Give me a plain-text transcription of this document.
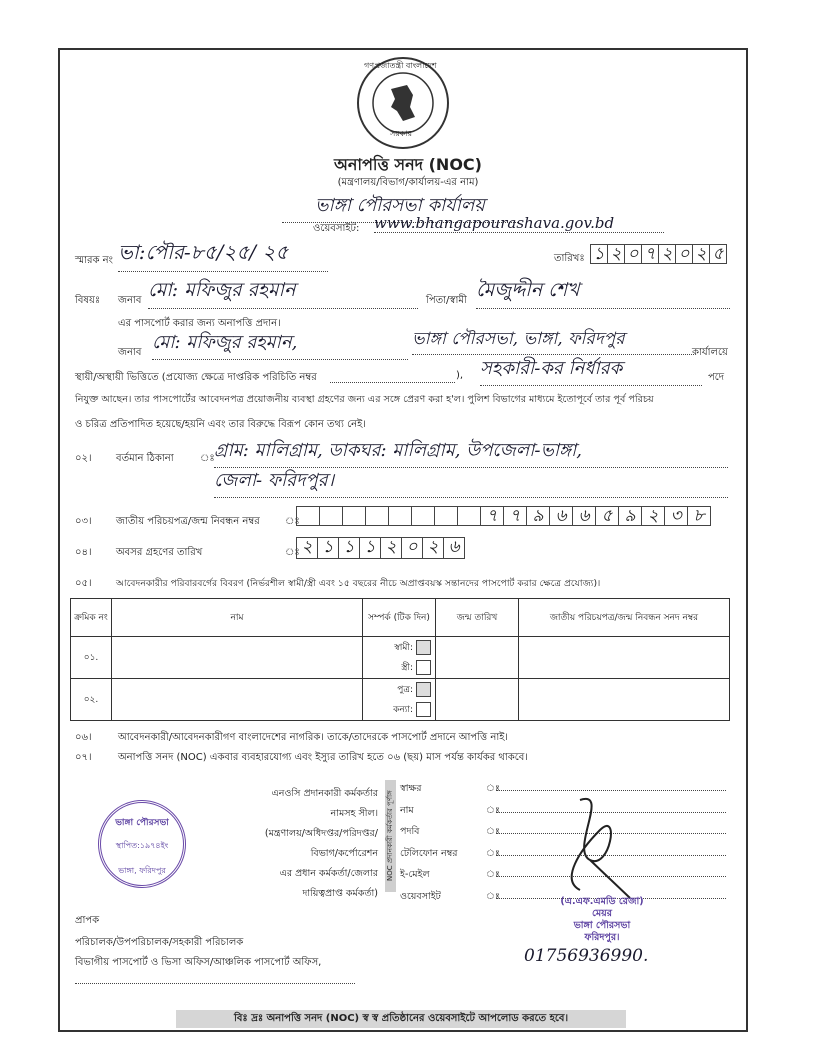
গণপ্রজাতন্ত্রী বাংলাদেশ
সরকার
অনাপত্তি সনদ (NOC)
(মন্ত্রণালয়/বিভাগ/কার্যালয়-এর নাম)
ভাঙ্গা পৌরসভা কার্যালয়
ওয়েবসাইট: www.bhangapourashava.gov.bd
স্মারক নং ভা:পৌর-৮৫/২৫/ ২৫	তারিখঃ ১ ২ ০ ৭ ২ ০ ২ ৫
বিষয়ঃ জনাব মো: মফিজুর রহমান	পিতা/স্বামী মৈজুদ্দীন শেখ
এর পাসপোর্ট করার জন্য অনাপত্তি প্রদান।
জনাব মো: মফিজুর রহমান,	ভাঙ্গা পৌরসভা, ভাঙ্গা, ফরিদপুর
কার্যালয়ে
স্থায়ী/অস্থায়ী ভিত্তিতে (প্রযোজ্য ক্ষেত্রে দাপ্তরিক পরিচিতি নম্বর	), সহকারী-কর নির্ধারক	পদে
নিযুক্ত আছেন। তার পাসপোর্টের আবেদনপত্র প্রয়োজনীয় ব্যবস্থা গ্রহণের জন্য এর সঙ্গে প্রেরণ করা হ'ল। পুলিশ বিভাগের মাধ্যমে ইতোপূর্বে তার পূর্ব পরিচয়
ও চরিত্র প্রতিপাদিত হয়েছে/হয়নি এবং তার বিরুদ্ধে বিরূপ কোন তথ্য নেই।
০২। বর্তমান ঠিকানা	ঃ গ্রাম: মালিগ্রাম, ডাকঘর: মালিগ্রাম, উপজেলা-ভাঙ্গা,
জেলা- ফরিদপুর।
০৩। জাতীয় পরিচয়পত্র/জন্ম নিবন্ধন নম্বর	ঃ	৭ ৭ ৯ ৬ ৬ ৫ ৯ ২ ৩ ৮
০৪। অবসর গ্রহণের তারিখ	ঃ ২ ১ ১ ১ ২ ০ ২ ৬
০৫।	আবেদনকারীর পরিবারবর্গের বিবরণ (নির্ভরশীল স্বামী/স্ত্রী এবং ১৫ বছরের নীচে অপ্রাপ্তবয়স্ক সন্তানদের পাসপোর্ট করার ক্ষেত্রে প্রযোজ্য)।
ক্রমিক নং	নাম	সম্পর্ক (টিক দিন)	জন্ম তারিখ	জাতীয় পরিচয়পত্র/জন্ম নিবন্ধন সনদ নম্বর
০১.		স্বামী:
স্ত্রী:		
০২.		পুত্র:
কন্যা:		
০৬।	আবেদনকারী/আবেদনকারীগণ বাংলাদেশের নাগরিক। তাকে/তাদেরকে পাসপোর্ট প্রদানে আপত্তি নাই।
০৭।	অনাপত্তি সনদ (NOC) একবার ব্যবহারযোগ্য এবং ইস্যুর তারিখ হতে ০৬ (ছয়) মাস পর্যন্ত কার্যকর থাকবে।
এনওসি প্রদানকারী কর্মকর্তার
নামসহ সীল।
(মন্ত্রণালয়/অধিদপ্তর/পরিদপ্তর/
বিভাগ/কর্পোরেশন
এর প্রধান কর্মকর্তা/জেলার
দায়িত্বপ্রাপ্ত কর্মকর্তা)
NOC প্রদানকারী কর্মকর্তার পূর্ণাঙ্গ
স্বাক্ষর	ঃ
নাম	ঃ
পদবি	ঃ
টেলিফোন নম্বর	ঃ
ই-মেইল	ঃ
ওয়েবসাইট	ঃ
ভাঙ্গা পৌরসভা
স্থাপিত:১৯৭৪ইং
ভাঙ্গা, ফরিদপুর
(এ.এফ.এমডি রেজা)
মেয়র
ভাঙ্গা পৌরসভা
ফরিদপুর।
01756936990.
প্রাপক
পরিচালক/উপপরিচালক/সহকারী পরিচালক
বিভাগীয় পাসপোর্ট ও ভিসা অফিস/আঞ্চলিক পাসপোর্ট অফিস,
বিঃ দ্রঃ অনাপত্তি সনদ (NOC) স্ব স্ব প্রতিষ্ঠানের ওয়েবসাইটে আপলোড করতে হবে।
